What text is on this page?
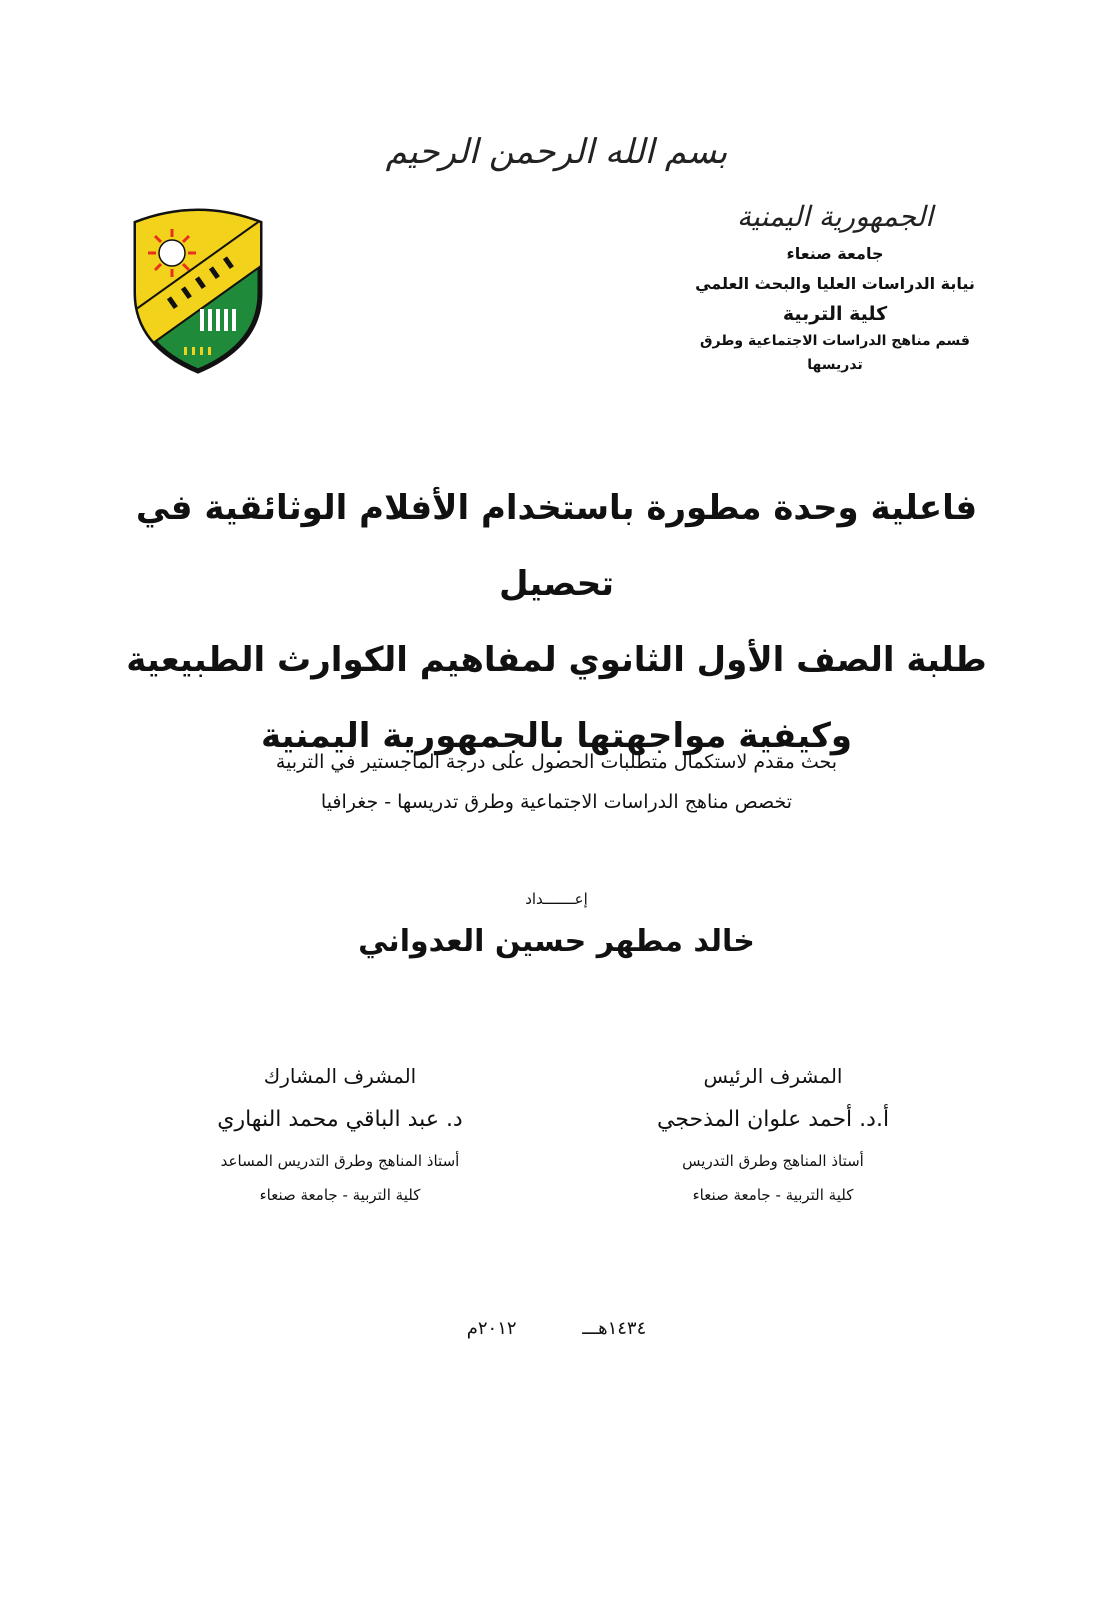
بسم الله الرحمن الرحيم
الجمهورية اليمنية
جامعة صنعاء
نيابة الدراسات العليا والبحث العلمي
كلية التربية
قسم مناهج الدراسات الاجتماعية وطرق تدريسها
فاعلية وحدة مطورة باستخدام الأفلام الوثائقية في تحصيل
طلبة الصف الأول الثانوي لمفاهيم الكوارث الطبيعية
وكيفية مواجهتها بالجمهورية اليمنية
بحث مقدم لاستكمال متطلبات الحصول على درجة الماجستير في التربية
تخصص مناهج الدراسات الاجتماعية وطرق تدريسها - جغرافيا
إعـــــــداد
خالد مطهر حسين العدواني
المشرف الرئيس
أ.د. أحمد علوان المذحجي
أستاذ المناهج وطرق التدريس
كلية التربية - جامعة صنعاء
المشرف المشارك
د. عبد الباقي محمد النهاري
أستاذ المناهج وطرق التدريس المساعد
كلية التربية - جامعة صنعاء
١٤٣٤هـــ ٢٠١٢م
